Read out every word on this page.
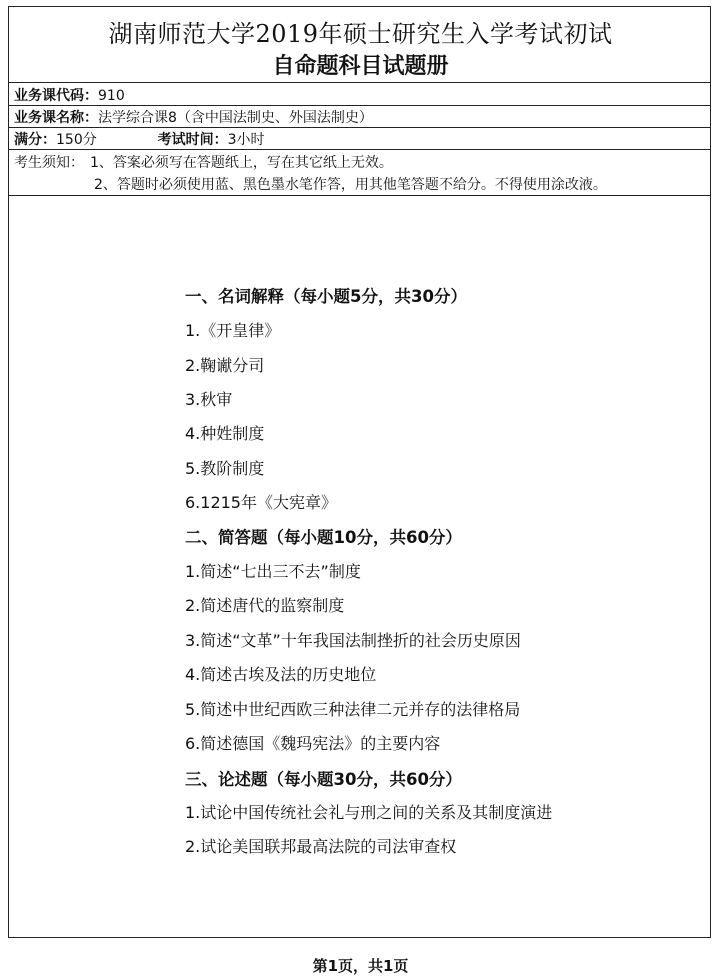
湖南师范大学2019年硕士研究生入学考试初试
自命题科目试题册
业务课代码：910
业务课名称：法学综合课8（含中国法制史、外国法制史）
满分：150分	考试时间：3小时
考生须知： 1、答案必须写在答题纸上，写在其它纸上无效。
2、答题时必须使用蓝、黑色墨水笔作答，用其他笔答题不给分。不得使用涂改液。
一、名词解释（每小题5分，共30分）
1.《开皇律》
2.鞠谳分司
3.秋审
4.种姓制度
5.教阶制度
6.1215年《大宪章》
二、简答题（每小题10分，共60分）
1.简述“七出三不去”制度
2.简述唐代的监察制度
3.简述“文革”十年我国法制挫折的社会历史原因
4.简述古埃及法的历史地位
5.简述中世纪西欧三种法律二元并存的法律格局
6.简述德国《魏玛宪法》的主要内容
三、论述题（每小题30分，共60分）
1.试论中国传统社会礼与刑之间的关系及其制度演进
2.试论美国联邦最高法院的司法审查权
第1页，共1页
